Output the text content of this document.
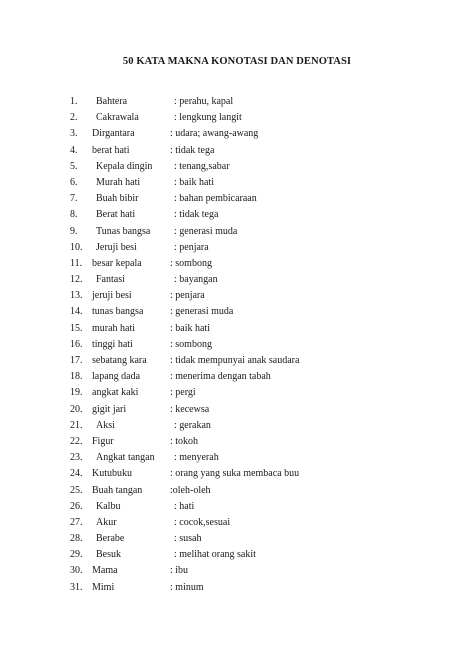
50 KATA MAKNA KONOTASI DAN DENOTASI
1. Bahtera	: perahu, kapal
2. Cakrawala	: lengkung langit
3. Dirgantara	: udara; awang-awang
4. berat hati	: tidak tega
5. Kepala dingin : tenang,sabar
6. Murah hati	: baik hati
7. Buah bibir	: bahan pembicaraan
8. Berat hati	: tidak tega
9. Tunas bangsa : generasi muda
10. Jeruji besi	: penjara
11. besar kepala	: sombong
12. Fantasi	: bayangan
13. jeruji besi	: penjara
14. tunas bangsa	: generasi muda
15. murah hati	: baik hati
16. tinggi hati	: sombong
17. sebatang kara : tidak mempunyai anak saudara
18. lapang dada	: menerima dengan tabah
19. angkat kaki	: pergi
20. gigit jari	: kecewsa
21. Aksi	: gerakan
22. Figur	: tokoh
23. Angkat tangan : menyerah
24. Kutubuku	: orang yang suka membaca buu
25. Buah tangan	:oleh-oleh
26. Kalbu	: hati
27. Akur	: cocok,sesuai
28. Berabe	: susah
29. Besuk	: melihat orang sakit
30. Mama	: ibu
31. Mimi	: minum
